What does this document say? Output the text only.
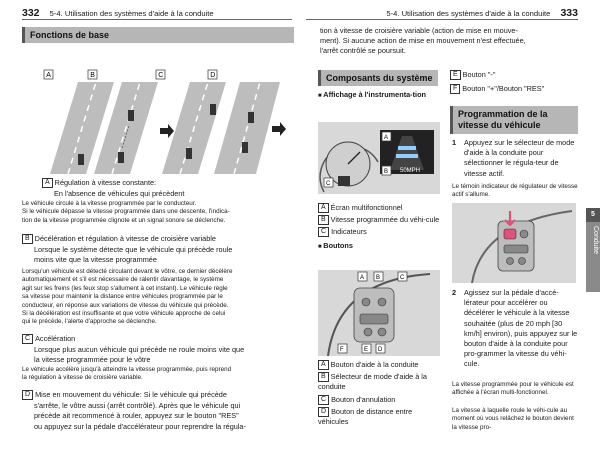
332 5-4. Utilisation des systèmes d'aide à la conduite
Fonctions de base
A	B	C	D
A Régulation à vitesse constante:
En l'absence de véhicules qui précèdent
Le véhicule circule à la vitesse programmée par le conducteur.
Si le véhicule dépasse la vitesse programmée dans une descente, l'indica-
tion de la vitesse programmée clignote et un signal sonore se déclenche.
B Décélération et régulation à vitesse de croisière variable
Lorsque le système détecte que le véhicule qui précède roule
moins vite que la vitesse programmée
Lorsqu'un véhicule est détecté circulant devant le vôtre, ce dernier décélère
automatiquement et s'il est nécessaire de ralentir davantage, le système
agit sur les freins (les feux stop s'allument à cet instant). Le véhicule règle
sa vitesse pour maintenir la distance entre véhicules programmée par le
conducteur, en réponse aux variations de vitesse du véhicule qui précède.
Si la décélération est insuffisante et que votre véhicule approche de celui
qui le précède, l'alerte d'approche se déclenche.
C Accélération
Lorsque plus aucun véhicule qui précède ne roule moins vite que
la vitesse programmée pour le vôtre
Le véhicule accélère jusqu'à atteindre la vitesse programmée, puis reprend
la régulation à vitesse de croisière variable.
D Mise en mouvement du véhicule: Si le véhicule qui précède
s'arrête, le vôtre aussi (arrêt contrôlé). Après que le véhicule qui
précède ait recommencé à rouler, appuyez sur le bouton "RES"
ou appuyez sur la pédale d'accélérateur pour reprendre la régula-
5-4. Utilisation des systèmes d'aide à la conduite 333
tion à vitesse de croisière variable (action de mise en mouve-
ment). Si aucune action de mise en mouvement n'est effectuée,
l'arrêt contrôlé se poursuit.
Composants du système
■ Affichage à l'instrumenta-tion
50MPH
A
B
C
A Écran multifonctionnel
B Vitesse programmée du véhi-cule
C Indicateurs
■ Boutons
A B	C
F	E D
A Bouton d'aide à la conduite
B Sélecteur de mode d'aide à la conduite
C Bouton d'annulation
D Bouton de distance entre véhicules
E Bouton "-"
F Bouton "+"/Bouton "RES"
Programmation de la vitesse du véhicule
1 Appuyez sur le sélecteur de mode d'aide à la conduite pour sélectionner le régula-teur de vitesse actif.
Le témoin indicateur de régulateur de vitesse actif s'allume.
2 Agissez sur la pédale d'accé-lérateur pour accélérer ou décélérer le véhicule à la vitesse souhaitée (plus de 20 mph [30 km/h] environ), puis appuyez sur le bouton d'aide à la conduite pour pro-grammer la vitesse du véhi-cule.
La vitesse programmée pour le véhicule est affichée à l'écran multi-fonctionnel.
La vitesse à laquelle roule le véhi-cule au moment où vous relâchez le bouton devient la vitesse pro-
5
Conduite
